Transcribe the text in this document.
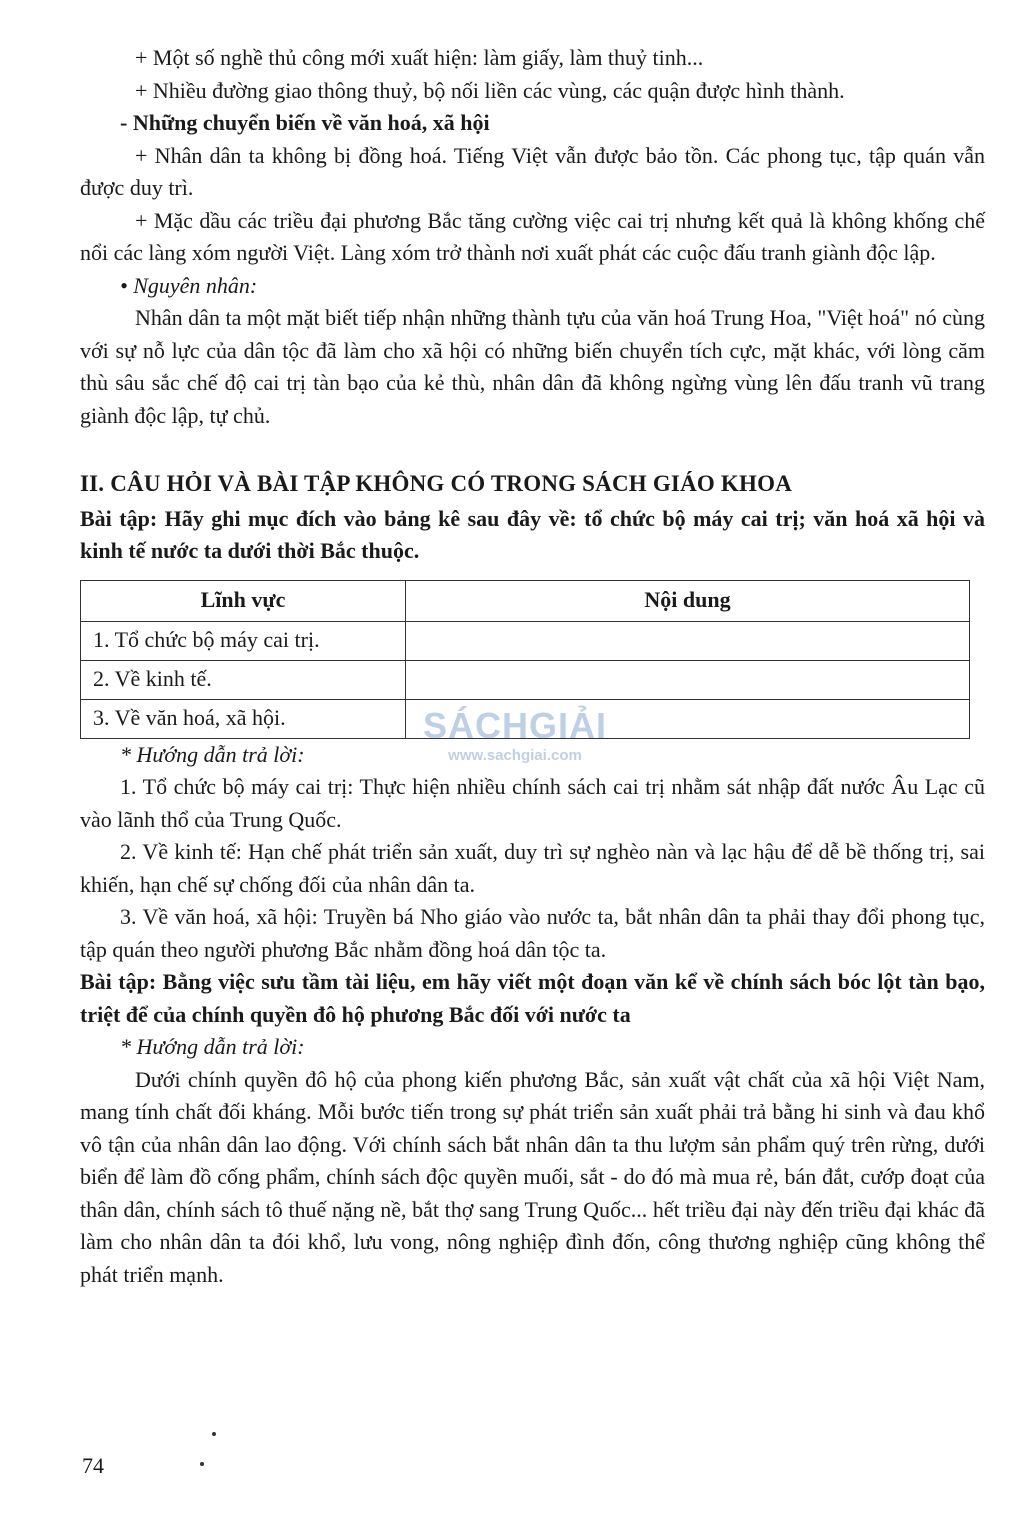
+ Một số nghề thủ công mới xuất hiện: làm giấy, làm thuỷ tinh...

+ Nhiều đường giao thông thuỷ, bộ nối liền các vùng, các quận được hình thành.

- Những chuyển biến về văn hoá, xã hội

+ Nhân dân ta không bị đồng hoá. Tiếng Việt vẫn được bảo tồn. Các phong tục, tập quán vẫn được duy trì.

+ Mặc dầu các triều đại phương Bắc tăng cường việc cai trị nhưng kết quả là không khống chế nổi các làng xóm người Việt. Làng xóm trở thành nơi xuất phát các cuộc đấu tranh giành độc lập.

• Nguyên nhân:

Nhân dân ta một mặt biết tiếp nhận những thành tựu của văn hoá Trung Hoa, "Việt hoá" nó cùng với sự nỗ lực của dân tộc đã làm cho xã hội có những biến chuyển tích cực, mặt khác, với lòng căm thù sâu sắc chế độ cai trị tàn bạo của kẻ thù, nhân dân đã không ngừng vùng lên đấu tranh vũ trang giành độc lập, tự chủ.

II. CÂU HỎI VÀ BÀI TẬP KHÔNG CÓ TRONG SÁCH GIÁO KHOA

Bài tập: Hãy ghi mục đích vào bảng kê sau đây về: tổ chức bộ máy cai trị; văn hoá xã hội và kinh tế nước ta dưới thời Bắc thuộc.

Lĩnh vực	Nội dung
1. Tổ chức bộ máy cai trị.	
2. Về kinh tế.	
3. Về văn hoá, xã hội.	

* Hướng dẫn trả lời:

1. Tổ chức bộ máy cai trị: Thực hiện nhiều chính sách cai trị nhằm sát nhập đất nước Âu Lạc cũ vào lãnh thổ của Trung Quốc.

2. Về kinh tế: Hạn chế phát triển sản xuất, duy trì sự nghèo nàn và lạc hậu để dễ bề thống trị, sai khiến, hạn chế sự chống đối của nhân dân ta.

3. Về văn hoá, xã hội: Truyền bá Nho giáo vào nước ta, bắt nhân dân ta phải thay đổi phong tục, tập quán theo người phương Bắc nhằm đồng hoá dân tộc ta.

Bài tập: Bằng việc sưu tầm tài liệu, em hãy viết một đoạn văn kể về chính sách bóc lột tàn bạo, triệt để của chính quyền đô hộ phương Bắc đối với nước ta

* Hướng dẫn trả lời:

Dưới chính quyền đô hộ của phong kiến phương Bắc, sản xuất vật chất của xã hội Việt Nam, mang tính chất đối kháng. Mỗi bước tiến trong sự phát triển sản xuất phải trả bằng hi sinh và đau khổ vô tận của nhân dân lao động. Với chính sách bắt nhân dân ta thu lượm sản phẩm quý trên rừng, dưới biển để làm đồ cống phẩm, chính sách độc quyền muối, sắt - do đó mà mua rẻ, bán đắt, cướp đoạt của thân dân, chính sách tô thuế nặng nề, bắt thợ sang Trung Quốc... hết triều đại này đến triều đại khác đã làm cho nhân dân ta đói khổ, lưu vong, nông nghiệp đình đốn, công thương nghiệp cũng không thể phát triển mạnh.

SÁCHGIẢI
www.sachgiai.com
74
